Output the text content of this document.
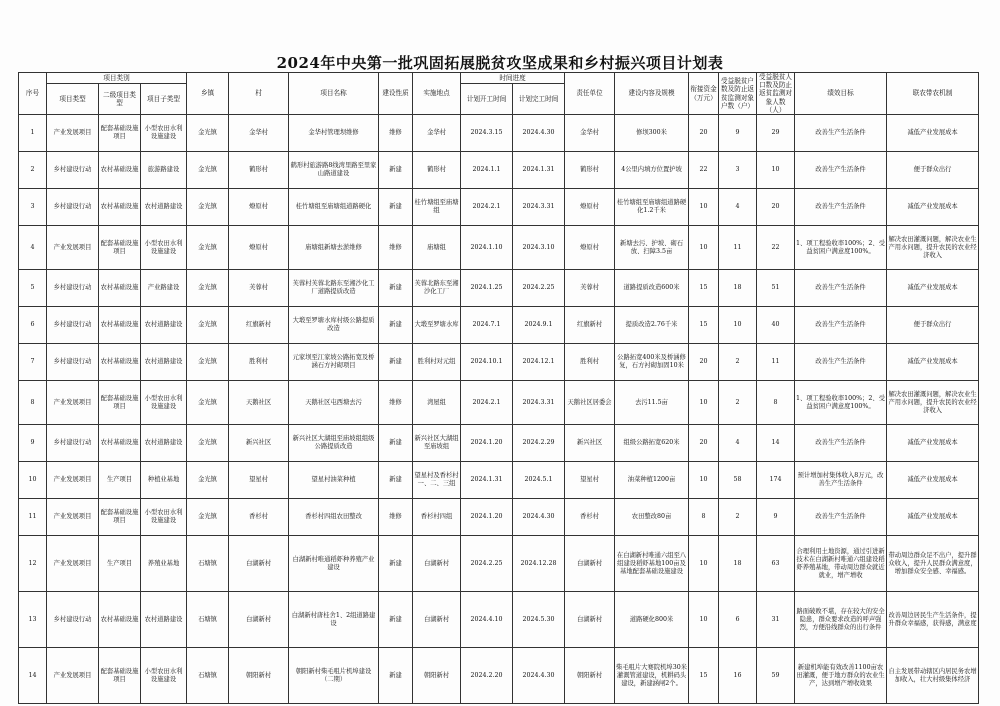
2024年中央第一批巩固拓展脱贫攻坚成果和乡村振兴项目计划表
序号	项目类别			乡镇	村	项目名称	建设性质	实施地点	时间进度		责任单位	建设内容及规模	衔接资金（万元）	受益脱贫户数及防止返贫监测对象户数（户）	受益脱贫人口数及防止返贫监测对象人数（人）	绩效目标	联农带农机制
	项目类型	二级项目类型	项目子类型						计划开工时间	计划完工时间							
1	产业发展项目	配套基础设施项目	小型农田水利设施建设	金光镇	金华村	金华村管理坝维修	维修	金华村	2024.3.15	2024.4.30	金华村	修坝300米	20	9	29	改善生产生活条件	减低产业发展成本
2	乡村建设行动	农村基础设施	旅游路建设	金光镇	鹤形村	鹤形村旅游路8线湾里路至里家山路道建设	新建	鹤形村	2024.1.1	2024.1.31	鹤形村	4公里内填方位置护坡	22	3	10	改善生产生活条件	便于群众出行
3	乡村建设行动	农村基础设施	农村道路建设	金光镇	燎原村	桂竹塘组至庙塘组道路硬化	新建	桂竹塘组至庙塘组	2024.2.1	2024.3.31	燎原村	桂竹塘组至庙塘组道路硬化1.2千米	10	4	20	改善生产生活条件	减低产业发展成本
4	产业发展项目	配套基础设施项目	小型农田水利设施建设	金光镇	燎原村	庙塘组新塘去淤维修	维修	庙塘组	2024.1.10	2024.3.10	燎原村	新塘去污、护坡、砌石放、扫障3.5亩	10	11	22	1、项工程验收率100%；2、受益贫困户满意度100%。	解决农田灌溉问题，解决农业生产用水问题，提升农民的农业经济收入
5	乡村建设行动	农村基础设施	产业路建设	金光镇	芙蓉村	芙蓉村芙蓉北路东至湘沙化工厂道路提质改造	新建	芙蓉北路东至湘沙化工厂	2024.1.25	2024.2.25	芙蓉村	道路提质改造600米	15	18	51	改善生产生活条件	减低产业发展成本
6	乡村建设行动	农村基础设施	农村道路建设	金光镇	红旗新村	大塅至罗塘水库村级公路提质改造	新建	大塅至罗塘水库	2024.7.1	2024.9.1	红旗新村	提质改造2.76千米	15	10	40	改善生产生活条件	便于群众出行
7	乡村建设行动	农村基础设施	农村道路建设	金光镇	胜利村	元家坝至江家坡公路拓宽及桥涵石方衬砌项目	新建	胜利村对元组	2024.10.1	2024.12.1	胜利村	公路拓宽400米及桥涵修复，石方衬砌加固10米	20	2	11	改善生产生活条件	减低产业发展成本
8	产业发展项目	配套基础设施项目	小型农田水利设施建设	金光镇	天鹅社区	天鹅社区屯西塘去污	维修	湾屋组	2024.2.1	2024.3.31	天鹅社区居委会	去污11.5亩	10	2	8	1、项工程验收率100%；2、受益贫困户满意度100%。	解决农田灌溉问题，解决农业生产用水问题，提升农民的农业经济收入
9	乡村建设行动	农村基础设施	农村道路建设	金光镇	新兴社区	新兴社区大湖组至庙坡组组级公路提质改造	新建	新兴社区大湖组至庙坡组	2024.1.20	2024.2.29	新兴社区	组级公路拓宽620米	20	4	14	改善生产生活条件	减低产业发展成本
10	产业发展项目	生产项目	种植业基地	金光镇	望星村	望星村油菜种植	新建	望星村及香杉村一、二、三组	2024.1.31	2024.5.1	望星村	油菜种植1200亩	10	58	174	预计增加村集体收入8万元，改善生产生活条件	减低产业发展成本
11	产业发展项目	配套基础设施项目	小型农田水利设施建设	金光镇	香杉村	香杉村四组农田整改	维修	香杉村四组	2024.1.20	2024.4.30	香杉村	农田整改80亩	8	2	9	改善生产生活条件	减低产业发展成本
12	产业发展项目	生产项目	养殖业基地	石塘镇	白湖新村	白湖新村唯通稻虾种养殖产业建设	新建	白湖新村	2024.2.25	2024.12.28	白湖新村	在白湖新村唯通六组至八组建设稻虾基地100亩及基地配套基础设施建设	10	18	63	合理利用土地资源，通过引进新技术在白湖新村唯通六组建设稻虾养殖基地，带动周边群众就近就业，增产增收	带动周边群众足不出户，提升群众收入，提升人民群众满意度，增加群众安全感、幸福感。
13	乡村建设行动	农村基础设施	农村道路建设	石塘镇	白湖新村	白湖新村唐桂舍1、2组道路建设	新建	白湖新村	2024.4.10	2024.5.30	白湖新村	道路硬化800米	10	6	31	路面破败不堪，存在较大的安全隐患，群众要求改造的呼声强烈，方便沿线群众的出行条件	改善周边居民生产生活条件，提升群众幸福感，获得感，满意度
14	产业发展项目	配套基础设施项目	小型农田水利设施建设	石塘镇	朝阳新村	朝阳新村柴毛咀片机埠建设（二期）	新建	朝阳新村	2024.2.20	2024.4.30	朝阳新村	柴毛咀片大赛院机埠30米灌溉管道建设，机耕码头建设，新建涵闸2个。	15	16	59	新建机埠能有效改善1100亩农田灌溉，便于地方群众的农业生产，达到增产增收效果	自主发展带动辖区内居民务农增加收入，壮大村级集体经济
